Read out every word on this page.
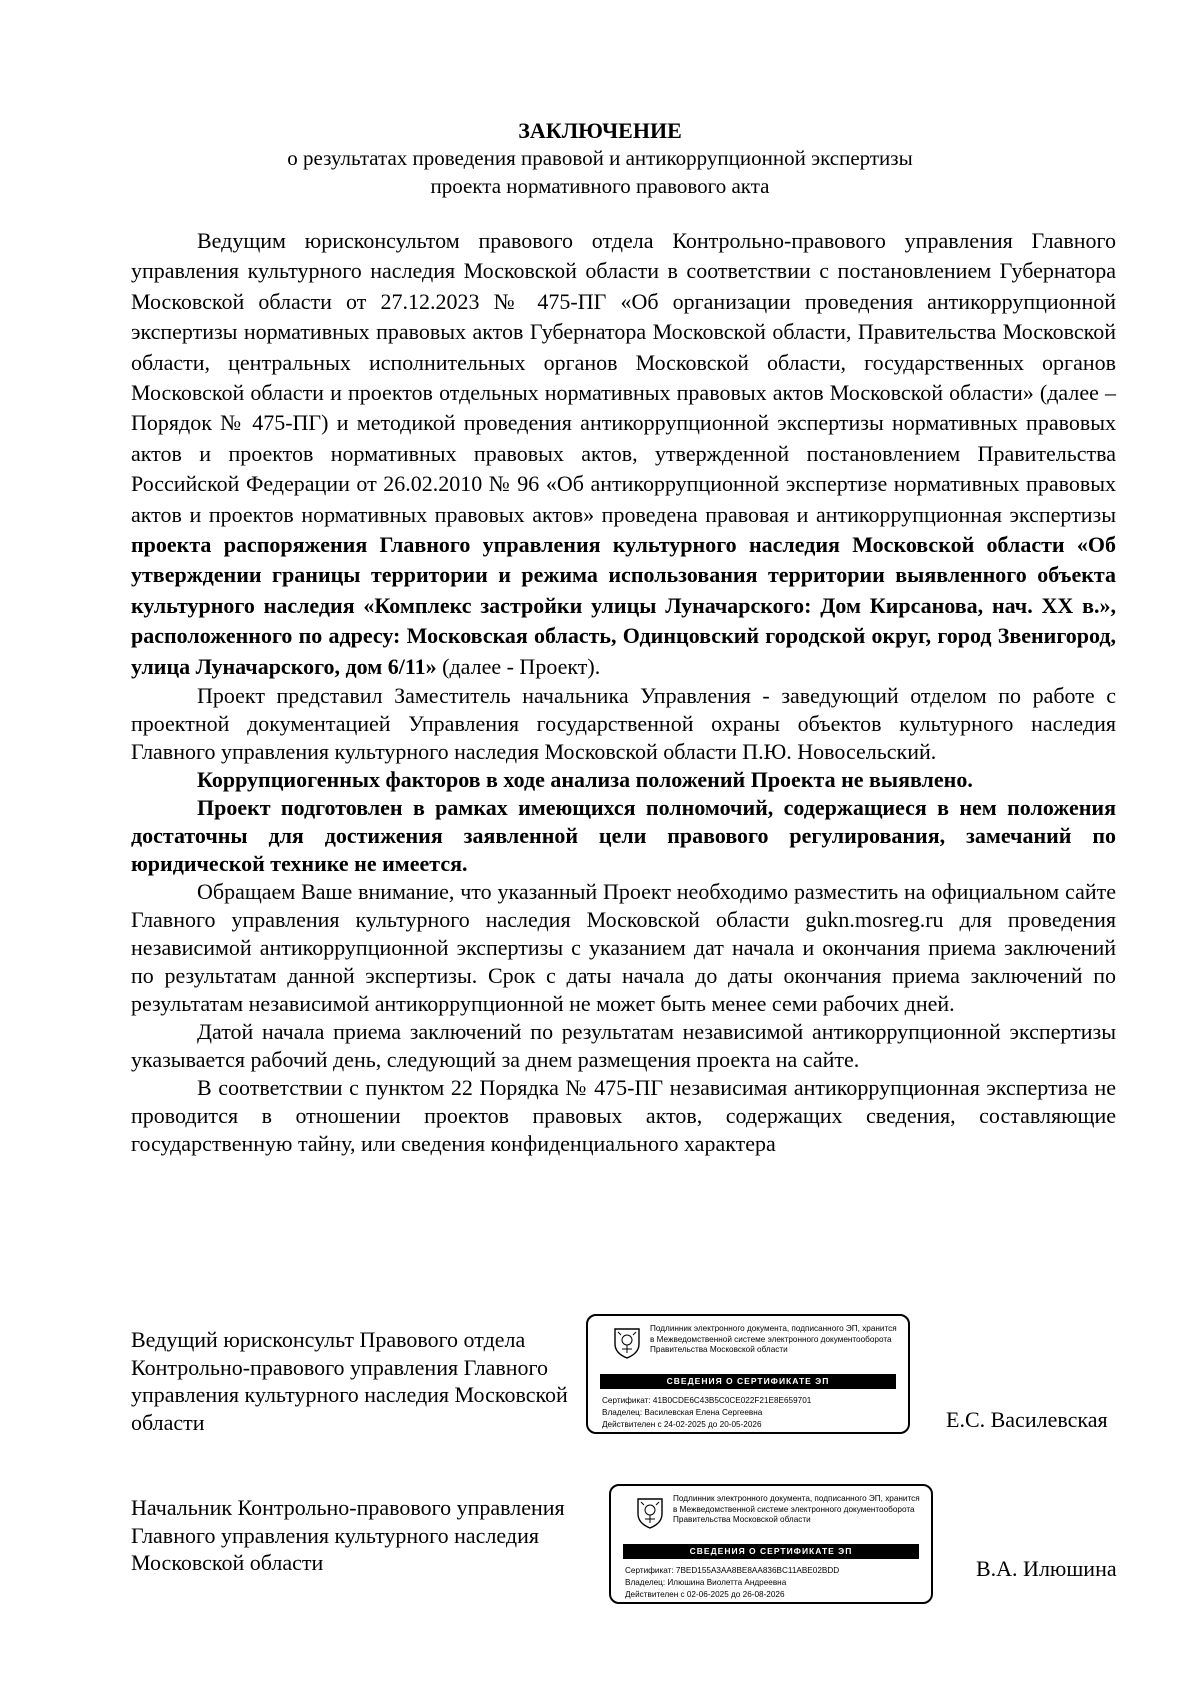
ЗАКЛЮЧЕНИЕ
о результатах проведения правовой и антикоррупционной экспертизы
проекта нормативного правового акта

Ведущим юрисконсультом правового отдела Контрольно-правового управления Главного управления культурного наследия Московской области в соответствии с постановлением Губернатора Московской области от 27.12.2023 № 475-ПГ «Об организации проведения антикоррупционной экспертизы нормативных правовых актов Губернатора Московской области, Правительства Московской области, центральных исполнительных органов Московской области, государственных органов Московской области и проектов отдельных нормативных правовых актов Московской области» (далее – Порядок № 475-ПГ) и методикой проведения антикоррупционной экспертизы нормативных правовых актов и проектов нормативных правовых актов, утвержденной постановлением Правительства Российской Федерации от 26.02.2010 № 96 «Об антикоррупционной экспертизе нормативных правовых актов и проектов нормативных правовых актов» проведена правовая и антикоррупционная экспертизы проекта распоряжения Главного управления культурного наследия Московской области «Об утверждении границы территории и режима использования территории выявленного объекта культурного наследия «Комплекс застройки улицы Луначарского: Дом Кирсанова, нач. XX в.», расположенного по адресу: Московская область, Одинцовский городской округ, город Звенигород, улица Луначарского, дом 6/11» (далее - Проект).

Проект представил Заместитель начальника Управления - заведующий отделом по работе с проектной документацией Управления государственной охраны объектов культурного наследия Главного управления культурного наследия Московской области П.Ю. Новосельский.

Коррупциогенных факторов в ходе анализа положений Проекта не выявлено.

Проект подготовлен в рамках имеющихся полномочий, содержащиеся в нем положения достаточны для достижения заявленной цели правового регулирования, замечаний по юридической технике не имеется.

Обращаем Ваше внимание, что указанный Проект необходимо разместить на официальном сайте Главного управления культурного наследия Московской области gukn.mosreg.ru для проведения независимой антикоррупционной экспертизы с указанием дат начала и окончания приема заключений по результатам данной экспертизы. Срок с даты начала до даты окончания приема заключений по результатам независимой антикоррупционной не может быть менее семи рабочих дней.

Датой начала приема заключений по результатам независимой антикоррупционной экспертизы указывается рабочий день, следующий за днем размещения проекта на сайте.

В соответствии с пунктом 22 Порядка № 475-ПГ независимая антикоррупционная экспертиза не проводится в отношении проектов правовых актов, содержащих сведения, составляющие государственную тайну, или сведения конфиденциального характера

Ведущий юрисконсульт Правового отдела Контрольно-правового управления Главного управления культурного наследия Московской области
Подлинник электронного документа, подписанного ЭП, хранится в Межведомственной системе электронного документооборота Правительства Московской области
СВЕДЕНИЯ О СЕРТИФИКАТЕ ЭП
Сертификат: 41B0CDE6C43B5C0CE022F21E8E659701
Владелец: Василевская Елена Сергеевна
Действителен с 24-02-2025 до 20-05-2026	Е.С. Василевская
Начальник Контрольно-правового управления Главного управления культурного наследия Московской области
Подлинник электронного документа, подписанного ЭП, хранится в Межведомственной системе электронного документооборота Правительства Московской области
СВЕДЕНИЯ О СЕРТИФИКАТЕ ЭП
Сертификат: 7BED155A3AA8BE8AA836BC11ABE02BDD
Владелец: Илюшина Виолетта Андреевна
Действителен с 02-06-2025 до 26-08-2026
В.А. Илюшина
